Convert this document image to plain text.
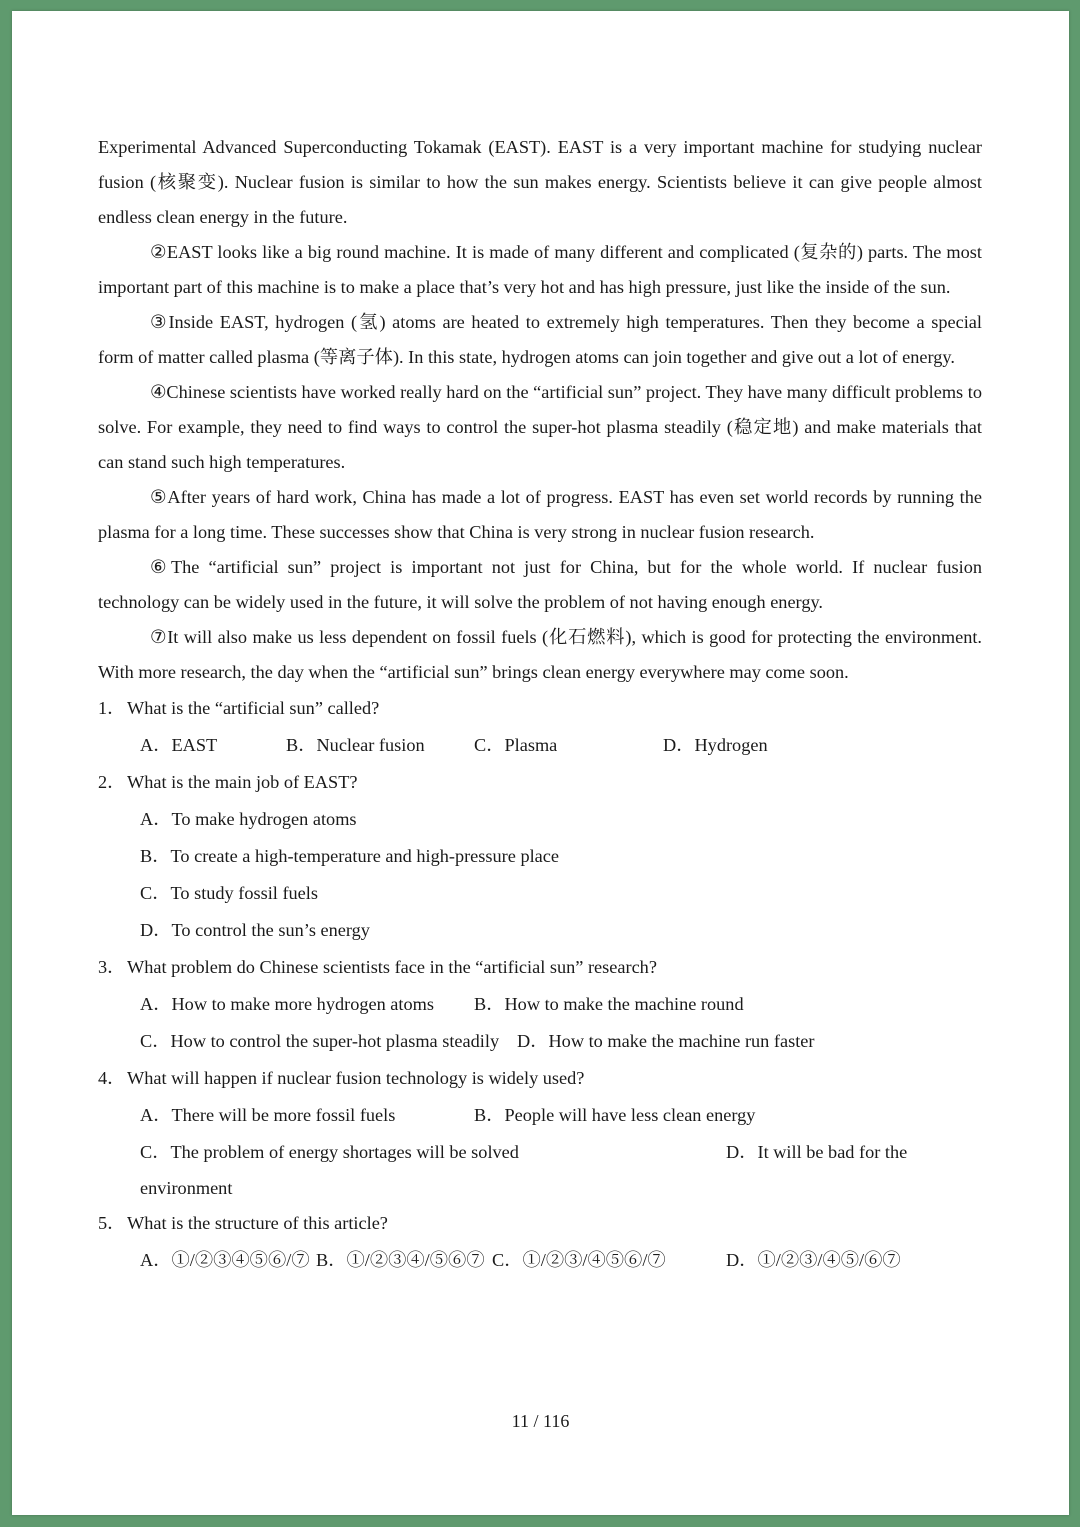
Experimental Advanced Superconducting Tokamak (EAST). EAST is a very important machine for studying nuclear fusion (核聚变). Nuclear fusion is similar to how the sun makes energy. Scientists believe it can give people almost endless clean energy in the future.

②EAST looks like a big round machine. It is made of many different and complicated (复杂的) parts. The most important part of this machine is to make a place that’s very hot and has high pressure, just like the inside of the sun.

③Inside EAST, hydrogen (氢) atoms are heated to extremely high temperatures. Then they become a special form of matter called plasma (等离子体). In this state, hydrogen atoms can join together and give out a lot of energy.

④Chinese scientists have worked really hard on the “artificial sun” project. They have many difficult problems to solve. For example, they need to find ways to control the super-hot plasma steadily (稳定地) and make materials that can stand such high temperatures.

⑤After years of hard work, China has made a lot of progress. EAST has even set world records by running the plasma for a long time. These successes show that China is very strong in nuclear fusion research.

⑥The “artificial sun” project is important not just for China, but for the whole world. If nuclear fusion technology can be widely used in the future, it will solve the problem of not having enough energy.

⑦It will also make us less dependent on fossil fuels (化石燃料), which is good for protecting the environment. With more research, the day when the “artificial sun” brings clean energy everywhere may come soon.

1．What is the “artificial sun” called?
A．EAST	B．Nuclear fusion	C．Plasma	D．Hydrogen
2．What is the main job of EAST?
A．To make hydrogen atoms
B．To create a high-temperature and high-pressure place
C．To study fossil fuels
D．To control the sun’s energy
3．What problem do Chinese scientists face in the “artificial sun” research?
A．How to make more hydrogen atoms	B．How to make the machine round
C．How to control the super-hot plasma steadily D．How to make the machine run faster
4．What will happen if nuclear fusion technology is widely used?
A．There will be more fossil fuels	B．People will have less clean energy
C．The problem of energy shortages will be solved	D．It will be bad for the
environment
5．What is the structure of this article?
A．①/②③④⑤⑥/⑦ B．①/②③④/⑤⑥⑦ C．①/②③/④⑤⑥/⑦	D．①/②③/④⑤/⑥⑦
11 / 116
